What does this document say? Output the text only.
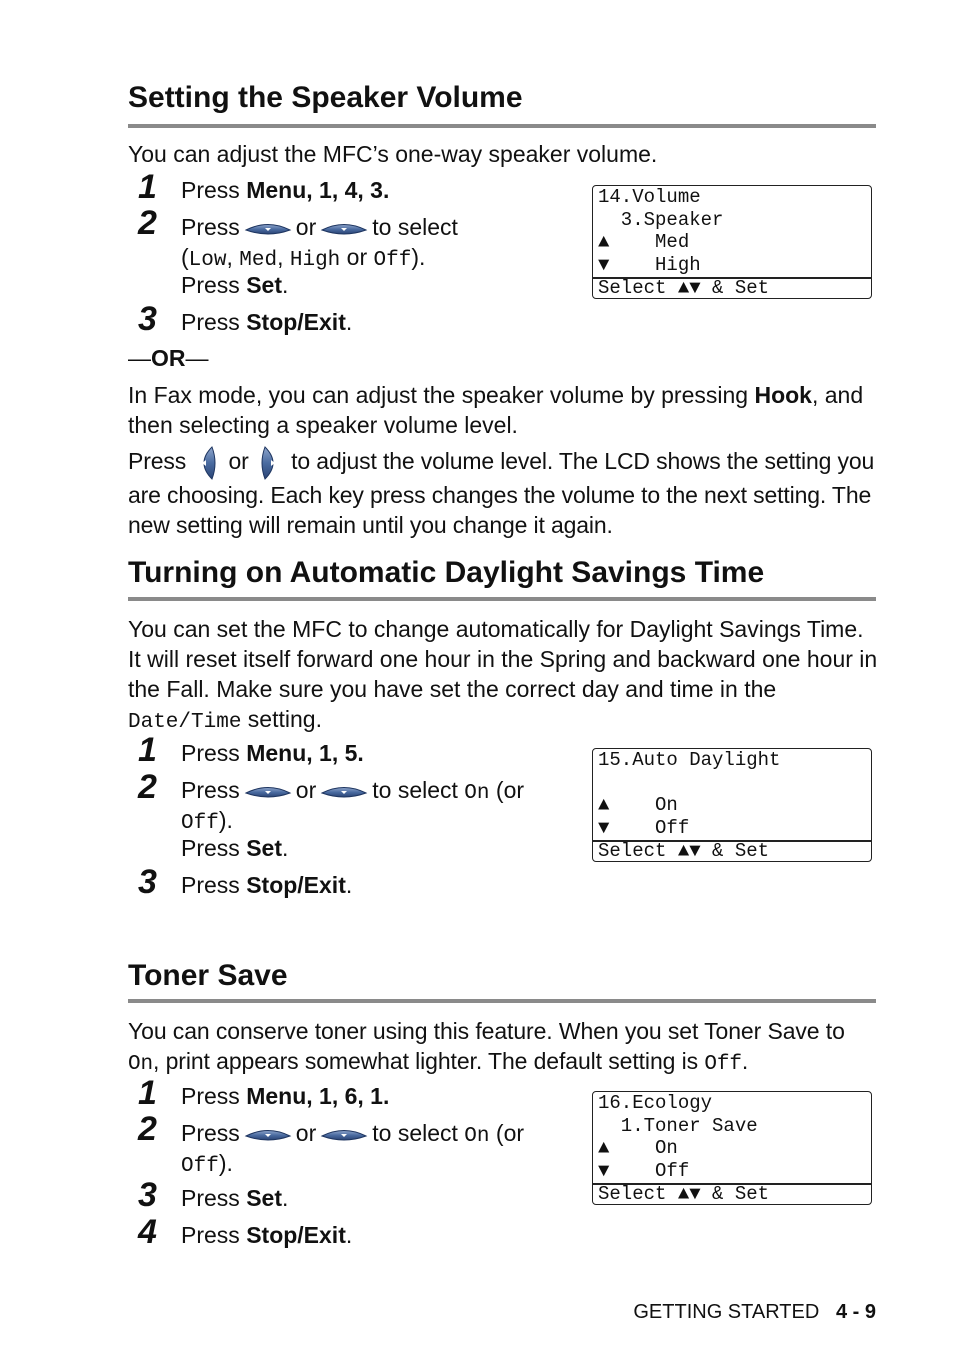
Setting the Speaker Volume

You can adjust the MFC’s one-way speaker volume.

1 Press Menu, 1, 4, 3.
2 Press or to select
(Low, Med, High or Off).
Press Set.
3 Press Stop/Exit.
14.Volume
3.Speaker
▲    Med
▼    High
Select ▲▼ & Set
—OR—

In Fax mode, you can adjust the speaker volume by pressing Hook, and then selecting a speaker volume level.

Press  or  to adjust the volume level. The LCD shows the setting you are choosing. Each key press changes the volume to the next setting. The new setting will remain until you change it again.

Turning on Automatic Daylight Savings Time

You can set the MFC to change automatically for Daylight Savings Time. It will reset itself forward one hour in the Spring and backward one hour in the Fall. Make sure you have set the correct day and time in the Date/Time setting.

1 Press Menu, 1, 5.
2 Press or to select On (or
Off).
Press Set.
3 Press Stop/Exit.
15.Auto Daylight
▲    On
▼    Off
Select ▲▼ & Set
Toner Save

You can conserve toner using this feature. When you set Toner Save to On, print appears somewhat lighter. The default setting is Off.

1 Press Menu, 1, 6, 1.
2 Press or to select On (or
Off).
3 Press Set.
4 Press Stop/Exit.
16.Ecology
1.Toner Save
▲    On
▼    Off
Select ▲▼ & Set
GETTING STARTED 4 - 9
